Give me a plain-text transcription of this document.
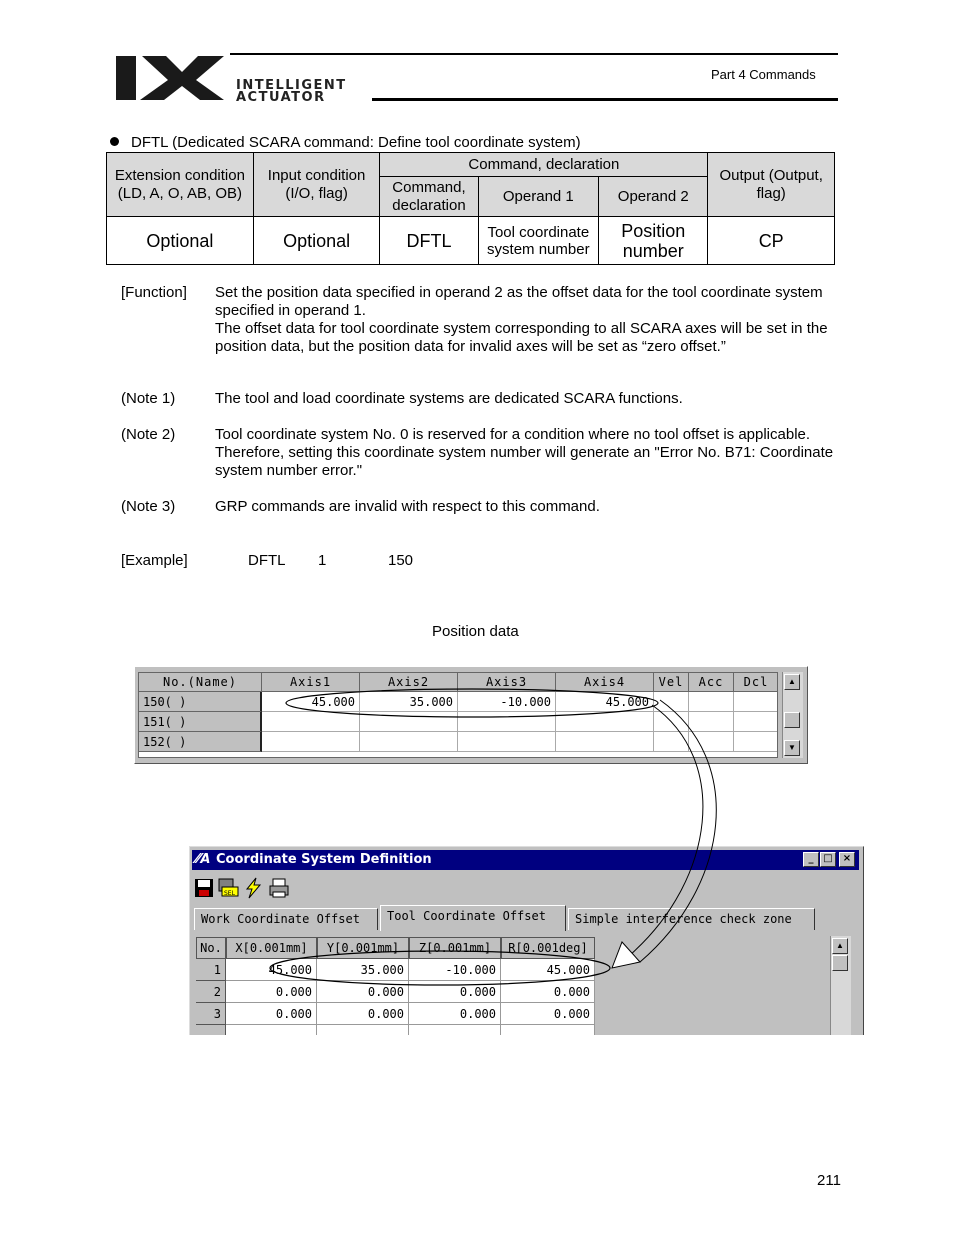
INTELLIGENT
ACTUATOR
Part 4 Commands
DFTL (Dedicated SCARA command: Define tool coordinate system)
Extension condition (LD, A, O, AB, OB)	Input condition (I/O, flag)	Command, declaration			Output (Output, flag)
		Command, declaration	Operand 1	Operand 2	
Optional	Optional	DFTL	Tool coordinate system number	Position number	CP
[Function] Set the position data specified in operand 2 as the offset data for the tool coordinate system specified in operand 1.
The offset data for tool coordinate system corresponding to all SCARA axes will be set in the position data, but the position data for invalid axes will be set as “zero offset.”
(Note 1)	The tool and load coordinate systems are dedicated SCARA functions.
(Note 2)	Tool coordinate system No. 0 is reserved for a condition where no tool offset is applicable. Therefore, setting this coordinate system number will generate an "Error No. B71: Coordinate system number error."
(Note 3)	GRP commands are invalid with respect to this command.
[Example]	DFTL 1	150
Position data
No.(Name)	Axis1	Axis2	Axis3	Axis4	Vel	Acc	Dcl
150( )	45.000	35.000	-10.000	45.000
151( )
152( )
▲
▼
⁄⁄A Coordinate System Definition	_ □	×
SEL
Work Coordinate Offset	Tool Coordinate Offset	Simple interference check zone
No.	X[0.001mm]	Y[0.001mm]	Z[0.001mm]	R[0.001deg]
1	45.000	35.000	-10.000	45.000
2	0.000	0.000	0.000	0.000
3	0.000	0.000	0.000	0.000
▲
211
